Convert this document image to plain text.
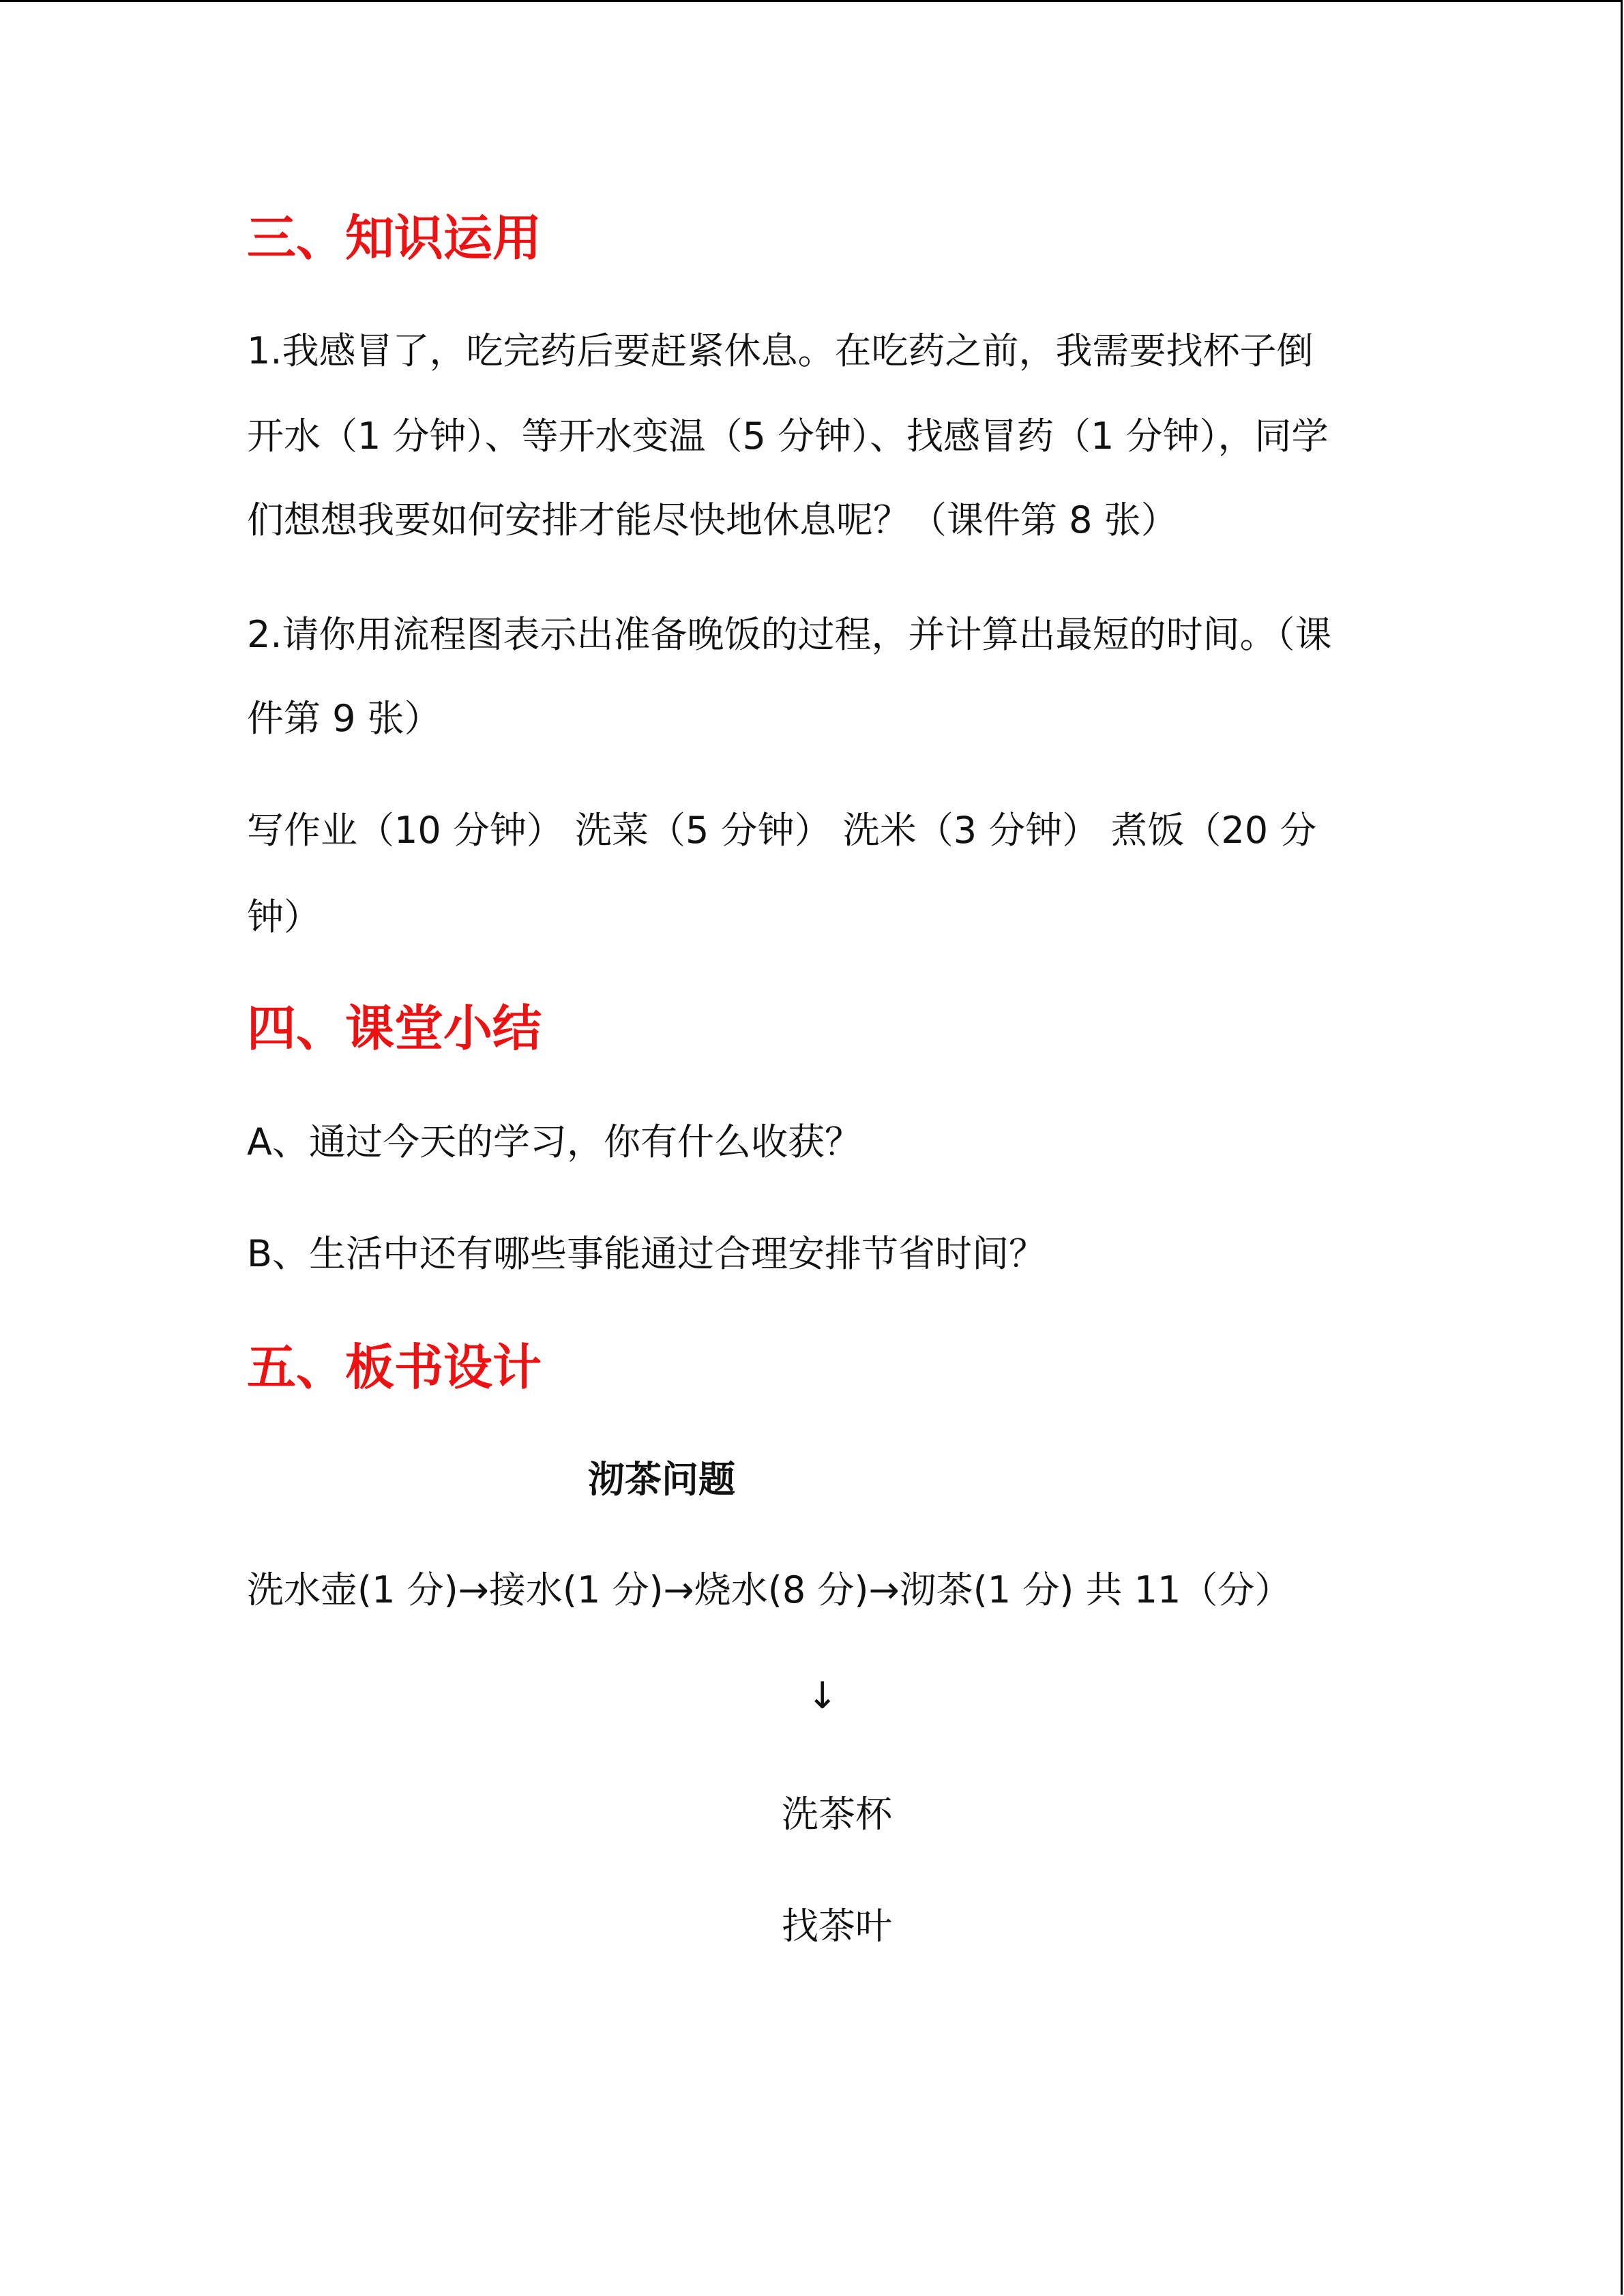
三、知识运用
1.我感冒了，吃完药后要赶紧休息。在吃药之前，我需要找杯子倒
开水（1 分钟）、等开水变温（5 分钟）、找感冒药（1 分钟），同学
们想想我要如何安排才能尽快地休息呢？（课件第 8 张）
2.请你用流程图表示出准备晚饭的过程，并计算出最短的时间。（课
件第 9 张）
写作业（10 分钟） 洗菜（5 分钟） 洗米（3 分钟） 煮饭（20 分
钟）
四、课堂小结
A、通过今天的学习，你有什么收获？
B、生活中还有哪些事能通过合理安排节省时间？
五、板书设计
沏茶问题
洗水壶(1 分)→接水(1 分)→烧水(8 分)→沏茶(1 分) 共 11（分）
↓
洗茶杯
找茶叶
